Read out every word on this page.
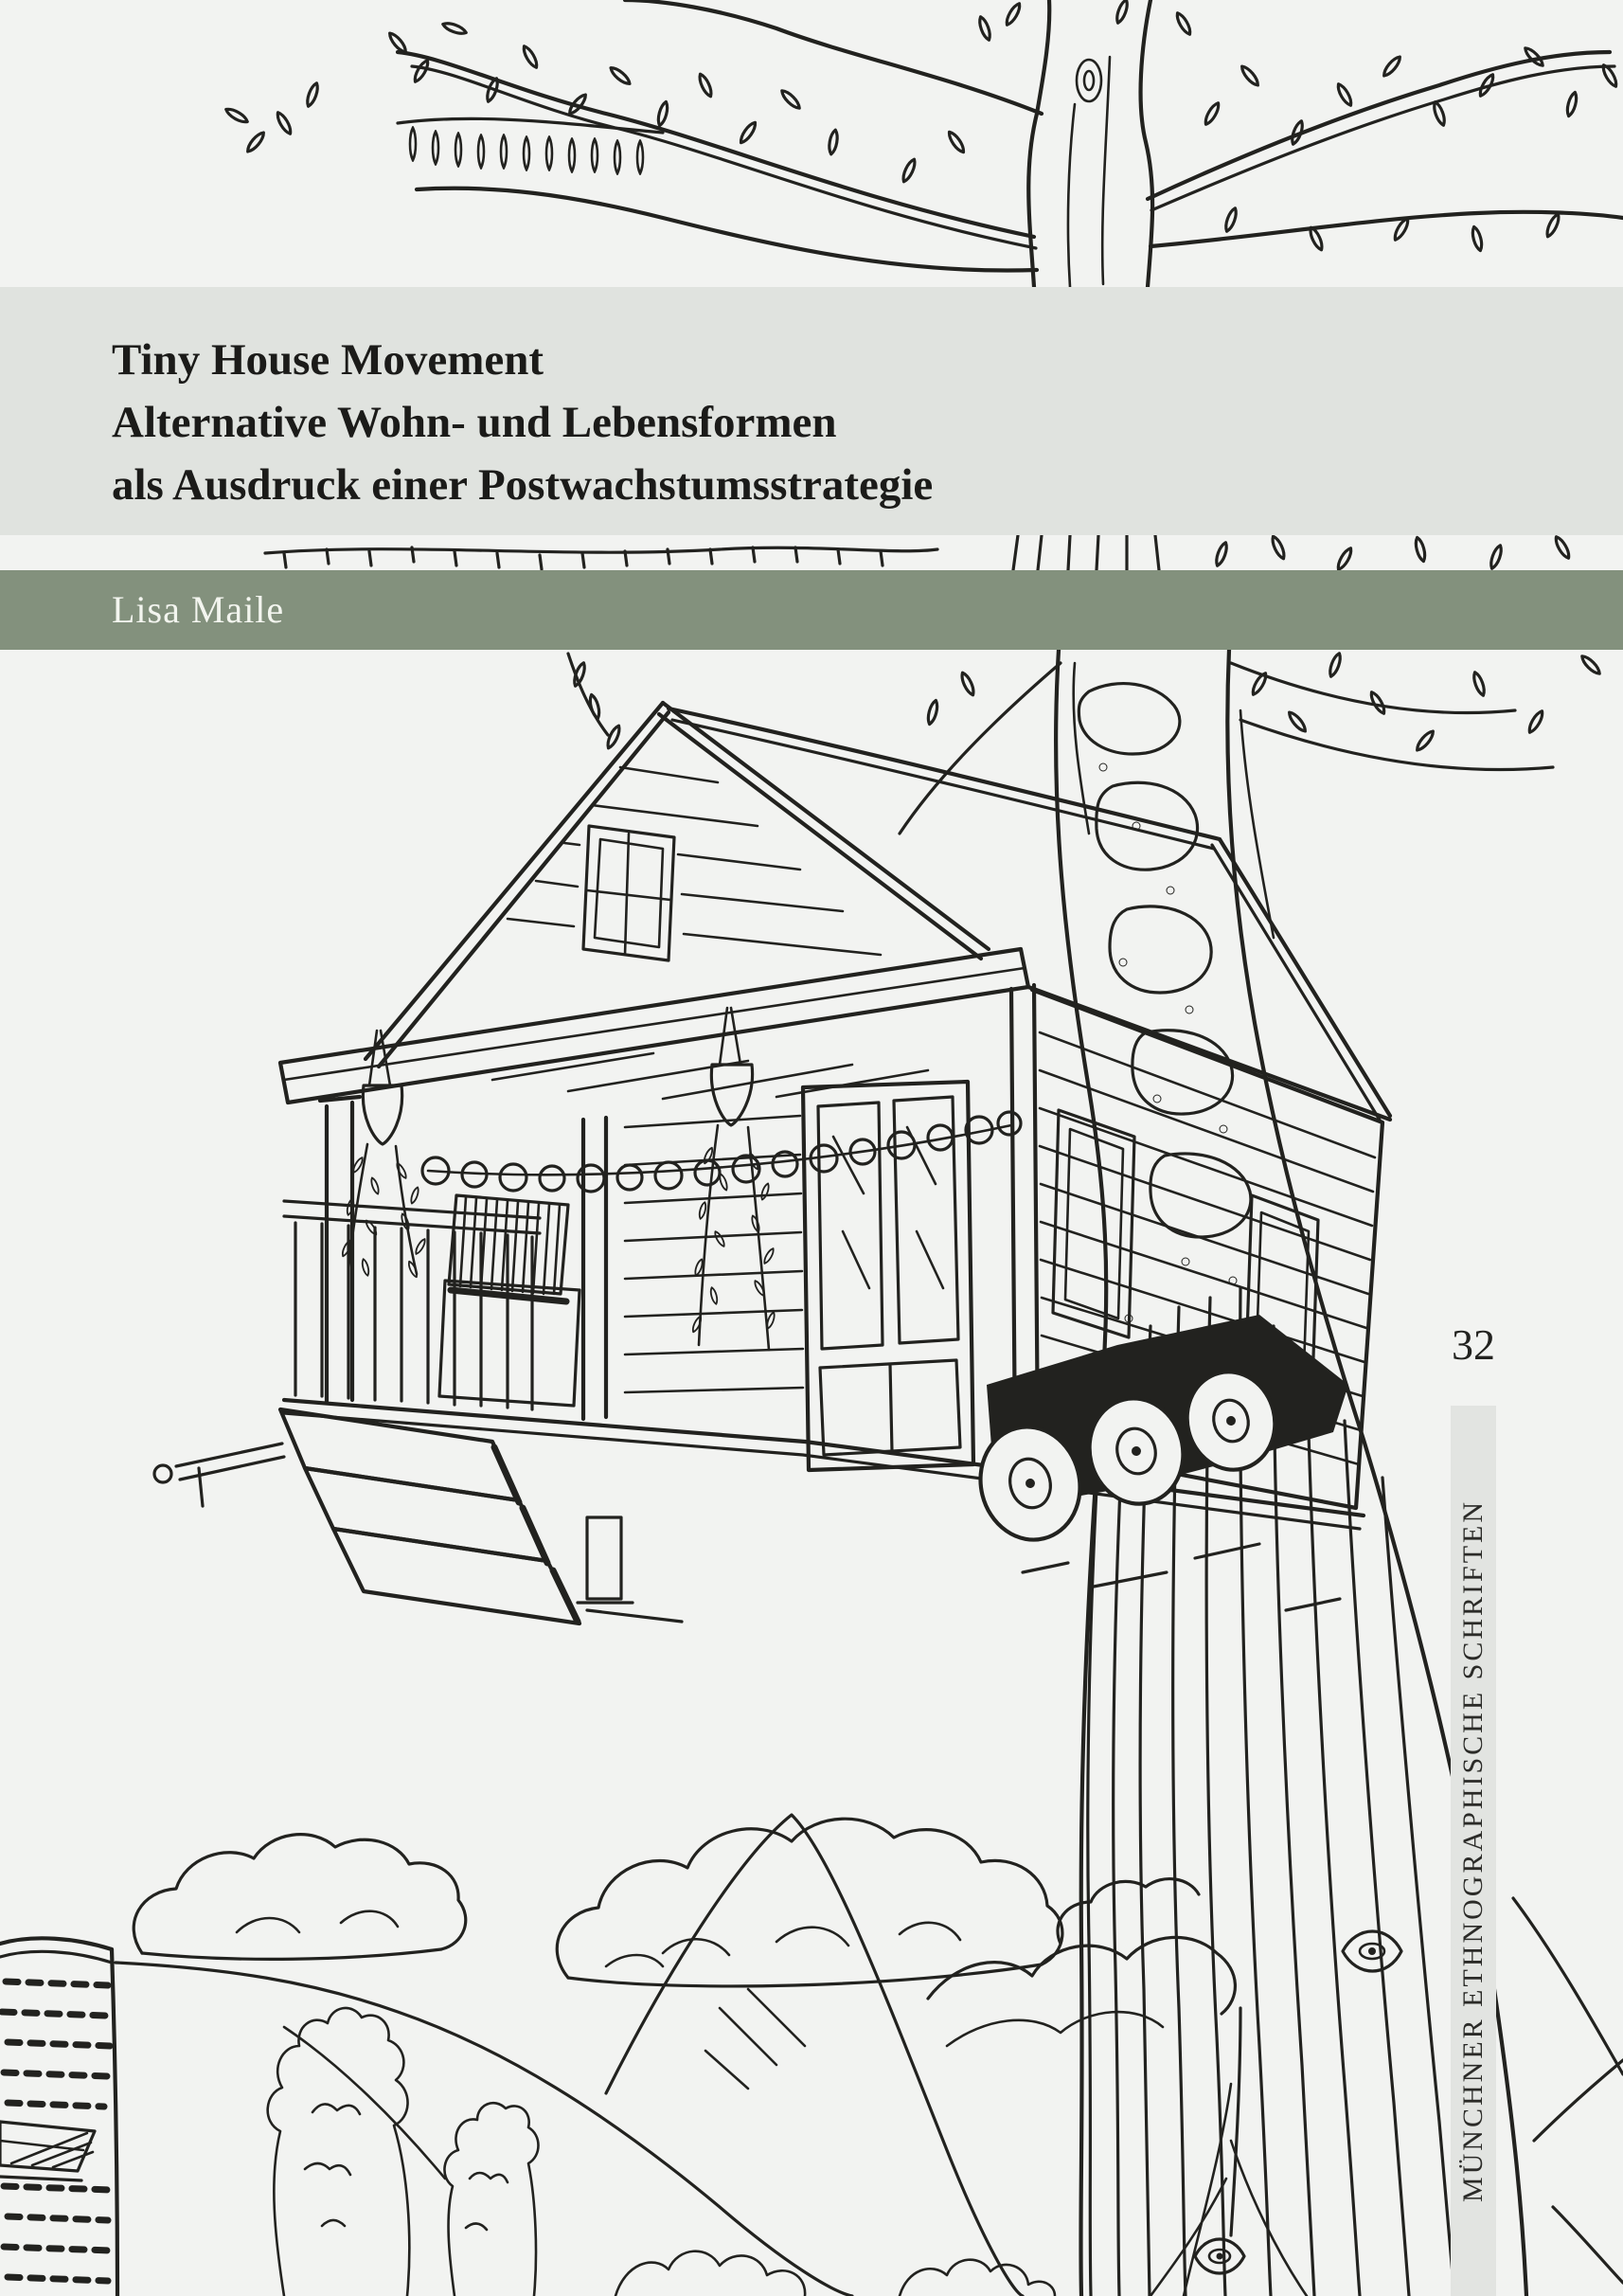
Tiny House Movement
Alternative Wohn- und Lebensformen
als Ausdruck einer Postwachstumsstrategie
Lisa Maile
32
MÜNCHNER ETHNOGRAPHISCHE SCHRIFTEN
